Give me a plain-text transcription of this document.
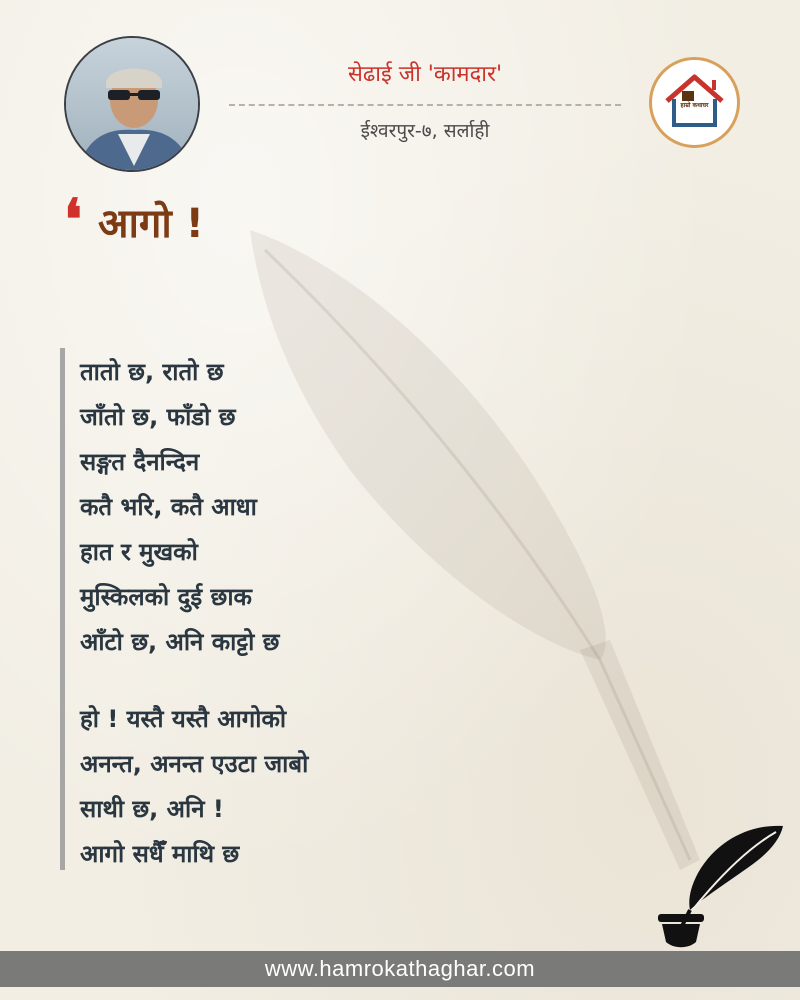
सेढाई जी 'कामदार'
ईश्वरपुर-७, सर्लाही
हाम्रो कथाघर
❛ आगो !
तातो छ, रातो छ
जाँतो छ, फाँडो छ
सङ्गत दैनन्दिन
कतै भरि, कतै आधा
हात र मुखको
मुस्किलको दुई छाक
आँटो छ, अनि काट्टो छ
हो ! यस्तै यस्तै आगोको
अनन्त, अनन्त एउटा जाबो
साथी छ, अनि !
आगो सधैँ माथि छ
www.hamrokathaghar.com
